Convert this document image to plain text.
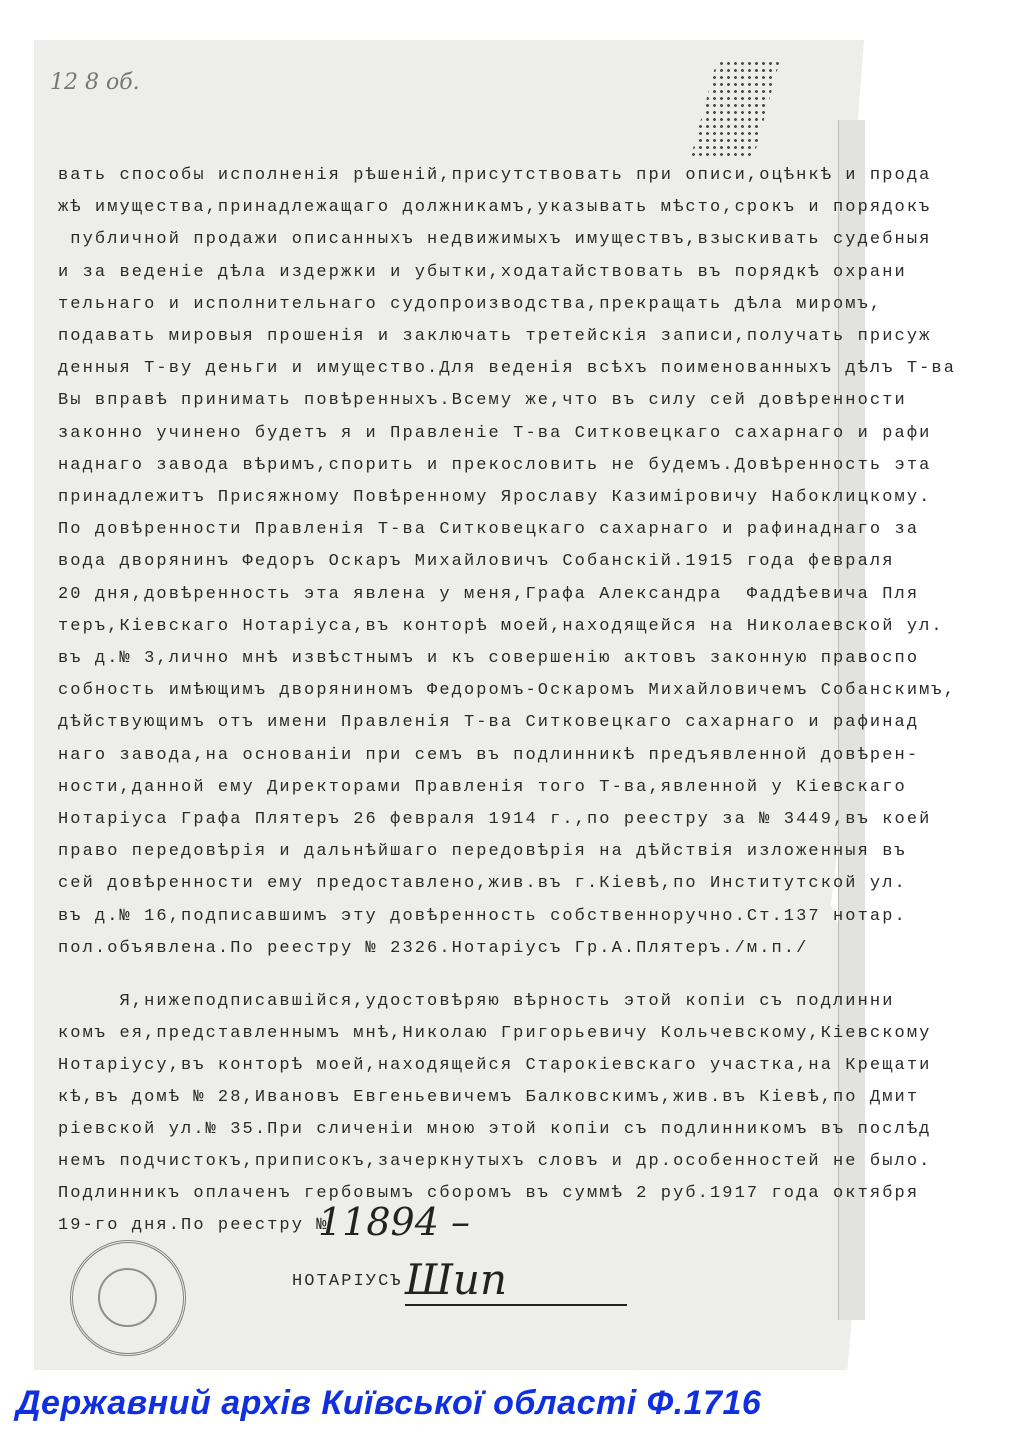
12 8 об.
вать способы исполненія рѣшеній,присутствовать при описи,оцѣнкѣ и прода
жѣ имущества,принадлежащаго должникамъ,указывать мѣсто,срокъ и порядокъ
публичной продажи описанныхъ недвижимыхъ имуществъ,взыскивать судебныя
и за веденіе дѣла издержки и убытки,ходатайствовать въ порядкѣ охрани
тельнаго и исполнительнаго судопроизводства,прекращать дѣла миромъ,
подавать мировыя прошенія и заключать третейскія записи,получать присуж
денныя Т-ву деньги и имущество.Для веденія всѣхъ поименованныхъ дѣлъ Т-ва
Вы вправѣ принимать повѣренныхъ.Всему же,что въ силу сей довѣренности
законно учинено будетъ я и Правленіе Т-ва Ситковецкаго сахарнаго и рафи
наднаго завода вѣримъ,спорить и прекословить не будемъ.Довѣренность эта
принадлежитъ Присяжному Повѣренному Ярославу Казиміровичу Набоклицкому.
По довѣренности Правленія Т-ва Ситковецкаго сахарнаго и рафинаднаго за
вода дворянинъ Федоръ Оскаръ Михайловичъ Собанскій.1915 года февраля
20 дня,довѣренность эта явлена у меня,Графа Александра  Фаддѣевича Пля
теръ,Кіевскаго Нотаріуса,въ конторѣ моей,находящейся на Николаевской ул.
въ д.№ 3,лично мнѣ извѣстнымъ и къ совершенію актовъ законную правоспо
собность имѣющимъ дворяниномъ Федоромъ-Оскаромъ Михайловичемъ Собанскимъ,
дѣйствующимъ отъ имени Правленія Т-ва Ситковецкаго сахарнаго и рафинад
наго завода,на основаніи при семъ въ подлинникѣ предъявленной довѣрен-
ности,данной ему Директорами Правленія того Т-ва,явленной у Кіевскаго
Нотаріуса Графа Плятеръ 26 февраля 1914 г.,по реестру за № 3449,въ коей
право передовѣрія и дальнѣйшаго передовѣрія на дѣйствія изложенныя въ
сей довѣренности ему предоставлено,жив.въ г.Кіевѣ,по Институтской ул.
въ д.№ 16,подписавшимъ эту довѣренность собственноручно.Ст.137 нотар.
пол.объявлена.По реестру № 2326.Нотаріусъ Гр.А.Плятеръ./м.п./
Я,нижеподписавшійся,удостовѣряю вѣрность этой копіи съ подлинни
комъ ея,представленнымъ мнѣ,Николаю Григорьевичу Кольчевскому,Кіевскому
Нотаріусу,въ конторѣ моей,находящейся Старокіевскаго участка,на Крещати
кѣ,въ домѣ № 28,Ивановъ Евгеньевичемъ Балковскимъ,жив.въ Кіевѣ,по Дмит
ріевской ул.№ 35.При сличеніи мною этой копіи съ подлинникомъ въ послѣд
немъ подчистокъ,приписокъ,зачеркнутыхъ словъ и др.особенностей не было.
Подлинникъ оплаченъ гербовымъ сборомъ въ суммѣ 2 руб.1917 года октября
19-го дня.По реестру №
11894 –
НОТАРІУСЪ Шип
Державний архів Київської області Ф.1716
